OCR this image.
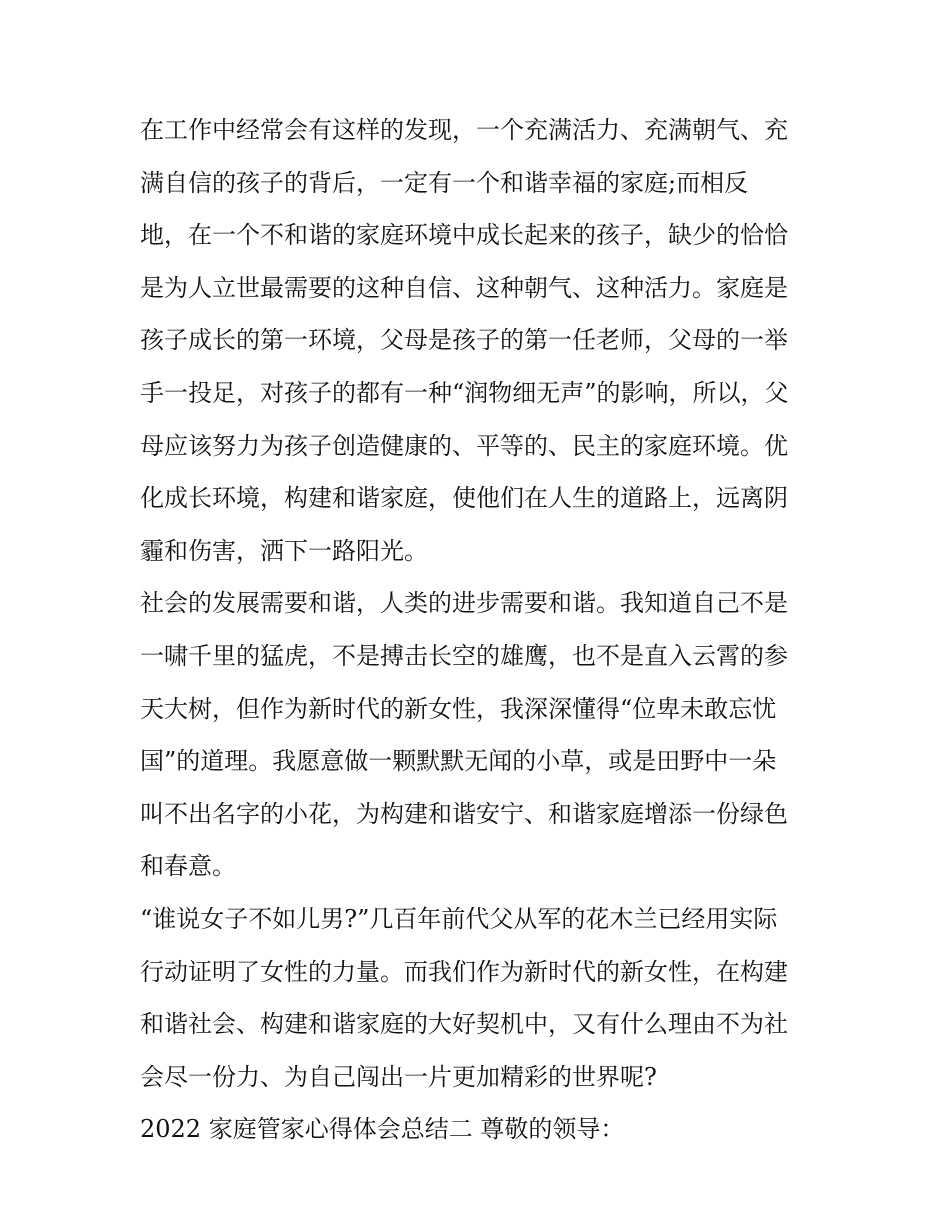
在工作中经常会有这样的发现，一个充满活力、充满朝气、充
满自信的孩子的背后，一定有一个和谐幸福的家庭;而相反
地，在一个不和谐的家庭环境中成长起来的孩子，缺少的恰恰
是为人立世最需要的这种自信、这种朝气、这种活力。家庭是
孩子成长的第一环境，父母是孩子的第一任老师，父母的一举
手一投足，对孩子的都有一种“润物细无声”的影响，所以，父
母应该努力为孩子创造健康的、平等的、民主的家庭环境。优
化成长环境，构建和谐家庭，使他们在人生的道路上，远离阴
霾和伤害，洒下一路阳光。
社会的发展需要和谐，人类的进步需要和谐。我知道自己不是
一啸千里的猛虎，不是搏击长空的雄鹰，也不是直入云霄的参
天大树，但作为新时代的新女性，我深深懂得“位卑未敢忘忧
国”的道理。我愿意做一颗默默无闻的小草，或是田野中一朵
叫不出名字的小花，为构建和谐安宁、和谐家庭增添一份绿色
和春意。
“谁说女子不如儿男?”几百年前代父从军的花木兰已经用实际
行动证明了女性的力量。而我们作为新时代的新女性，在构建
和谐社会、构建和谐家庭的大好契机中，又有什么理由不为社
会尽一份力、为自己闯出一片更加精彩的世界呢?
2022 家庭管家心得体会总结二 尊敬的领导：
